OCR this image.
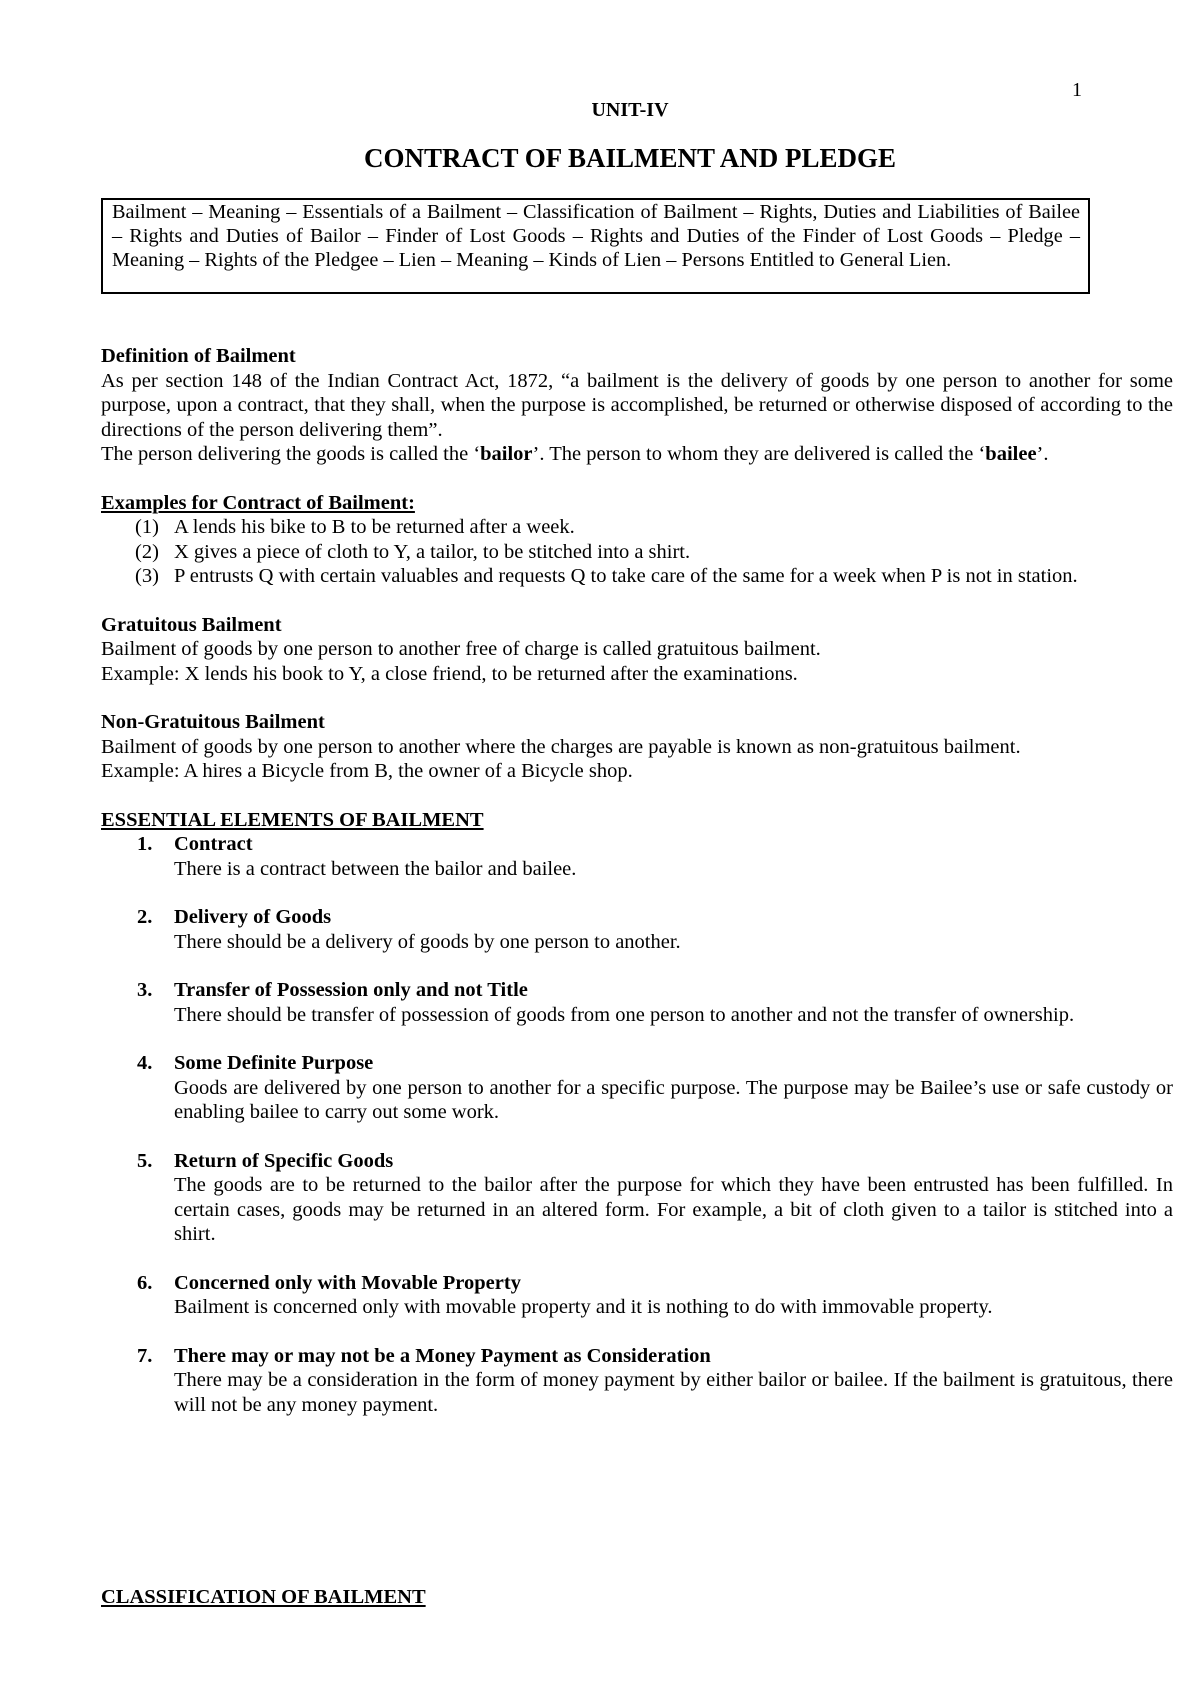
1
UNIT-IV
CONTRACT OF BAILMENT AND PLEDGE
Bailment – Meaning – Essentials of a Bailment – Classification of Bailment – Rights, Duties and Liabilities of Bailee – Rights and Duties of Bailor – Finder of Lost Goods – Rights and Duties of the Finder of Lost Goods – Pledge – Meaning – Rights of the Pledgee – Lien – Meaning – Kinds of Lien – Persons Entitled to General Lien.

Definition of Bailment

As per section 148 of the Indian Contract Act, 1872, “a bailment is the delivery of goods by one person to another for some purpose, upon a contract, that they shall, when the purpose is accomplished, be returned or otherwise disposed of according to the directions of the person delivering them”.

The person delivering the goods is called the ‘bailor’. The person to whom they are delivered is called the ‘bailee’.

Examples for Contract of Bailment:

(1) A lends his bike to B to be returned after a week.
(2) X gives a piece of cloth to Y, a tailor, to be stitched into a shirt.
(3) P entrusts Q with certain valuables and requests Q to take care of the same for a week when P is not in station.

Gratuitous Bailment

Bailment of goods by one person to another free of charge is called gratuitous bailment.

Example: X lends his book to Y, a close friend, to be returned after the examinations.

Non-Gratuitous Bailment

Bailment of goods by one person to another where the charges are payable is known as non-gratuitous bailment.

Example: A hires a Bicycle from B, the owner of a Bicycle shop.

ESSENTIAL ELEMENTS OF BAILMENT

1. Contract
There is a contract between the bailor and bailee.
2. Delivery of Goods
There should be a delivery of goods by one person to another.
3. Transfer of Possession only and not Title
There should be transfer of possession of goods from one person to another and not the transfer of ownership.
4. Some Definite Purpose
Goods are delivered by one person to another for a specific purpose. The purpose may be Bailee’s use or safe custody or enabling bailee to carry out some work.
5. Return of Specific Goods
The goods are to be returned to the bailor after the purpose for which they have been entrusted has been fulfilled. In certain cases, goods may be returned in an altered form. For example, a bit of cloth given to a tailor is stitched into a shirt.
6. Concerned only with Movable Property
Bailment is concerned only with movable property and it is nothing to do with immovable property.
7. There may or may not be a Money Payment as Consideration
There may be a consideration in the form of money payment by either bailor or bailee. If the bailment is gratuitous, there will not be any money payment.
CLASSIFICATION OF BAILMENT
